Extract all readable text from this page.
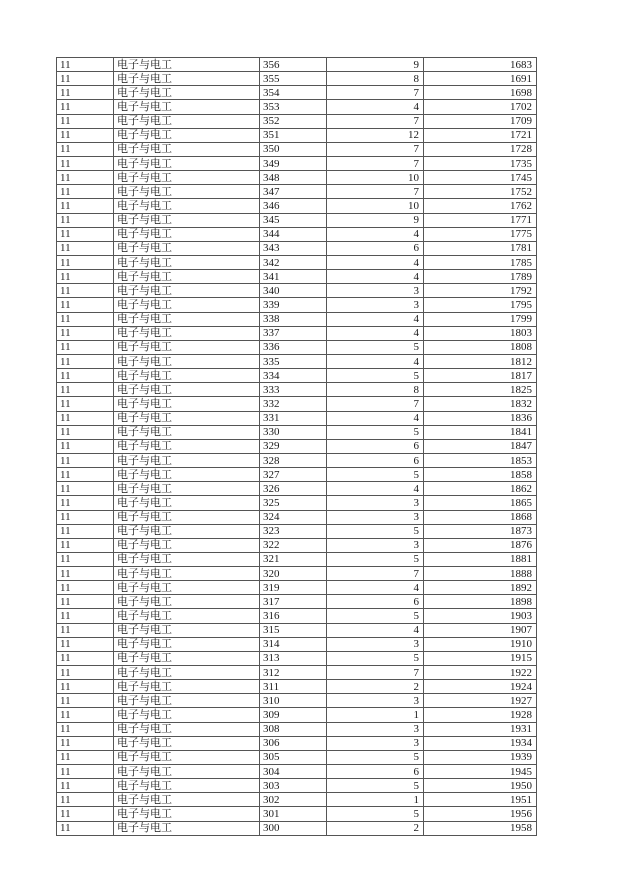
11	电子与电工	356	9	1683
11	电子与电工	355	8	1691
11	电子与电工	354	7	1698
11	电子与电工	353	4	1702
11	电子与电工	352	7	1709
11	电子与电工	351	12	1721
11	电子与电工	350	7	1728
11	电子与电工	349	7	1735
11	电子与电工	348	10	1745
11	电子与电工	347	7	1752
11	电子与电工	346	10	1762
11	电子与电工	345	9	1771
11	电子与电工	344	4	1775
11	电子与电工	343	6	1781
11	电子与电工	342	4	1785
11	电子与电工	341	4	1789
11	电子与电工	340	3	1792
11	电子与电工	339	3	1795
11	电子与电工	338	4	1799
11	电子与电工	337	4	1803
11	电子与电工	336	5	1808
11	电子与电工	335	4	1812
11	电子与电工	334	5	1817
11	电子与电工	333	8	1825
11	电子与电工	332	7	1832
11	电子与电工	331	4	1836
11	电子与电工	330	5	1841
11	电子与电工	329	6	1847
11	电子与电工	328	6	1853
11	电子与电工	327	5	1858
11	电子与电工	326	4	1862
11	电子与电工	325	3	1865
11	电子与电工	324	3	1868
11	电子与电工	323	5	1873
11	电子与电工	322	3	1876
11	电子与电工	321	5	1881
11	电子与电工	320	7	1888
11	电子与电工	319	4	1892
11	电子与电工	317	6	1898
11	电子与电工	316	5	1903
11	电子与电工	315	4	1907
11	电子与电工	314	3	1910
11	电子与电工	313	5	1915
11	电子与电工	312	7	1922
11	电子与电工	311	2	1924
11	电子与电工	310	3	1927
11	电子与电工	309	1	1928
11	电子与电工	308	3	1931
11	电子与电工	306	3	1934
11	电子与电工	305	5	1939
11	电子与电工	304	6	1945
11	电子与电工	303	5	1950
11	电子与电工	302	1	1951
11	电子与电工	301	5	1956
11	电子与电工	300	2	1958
